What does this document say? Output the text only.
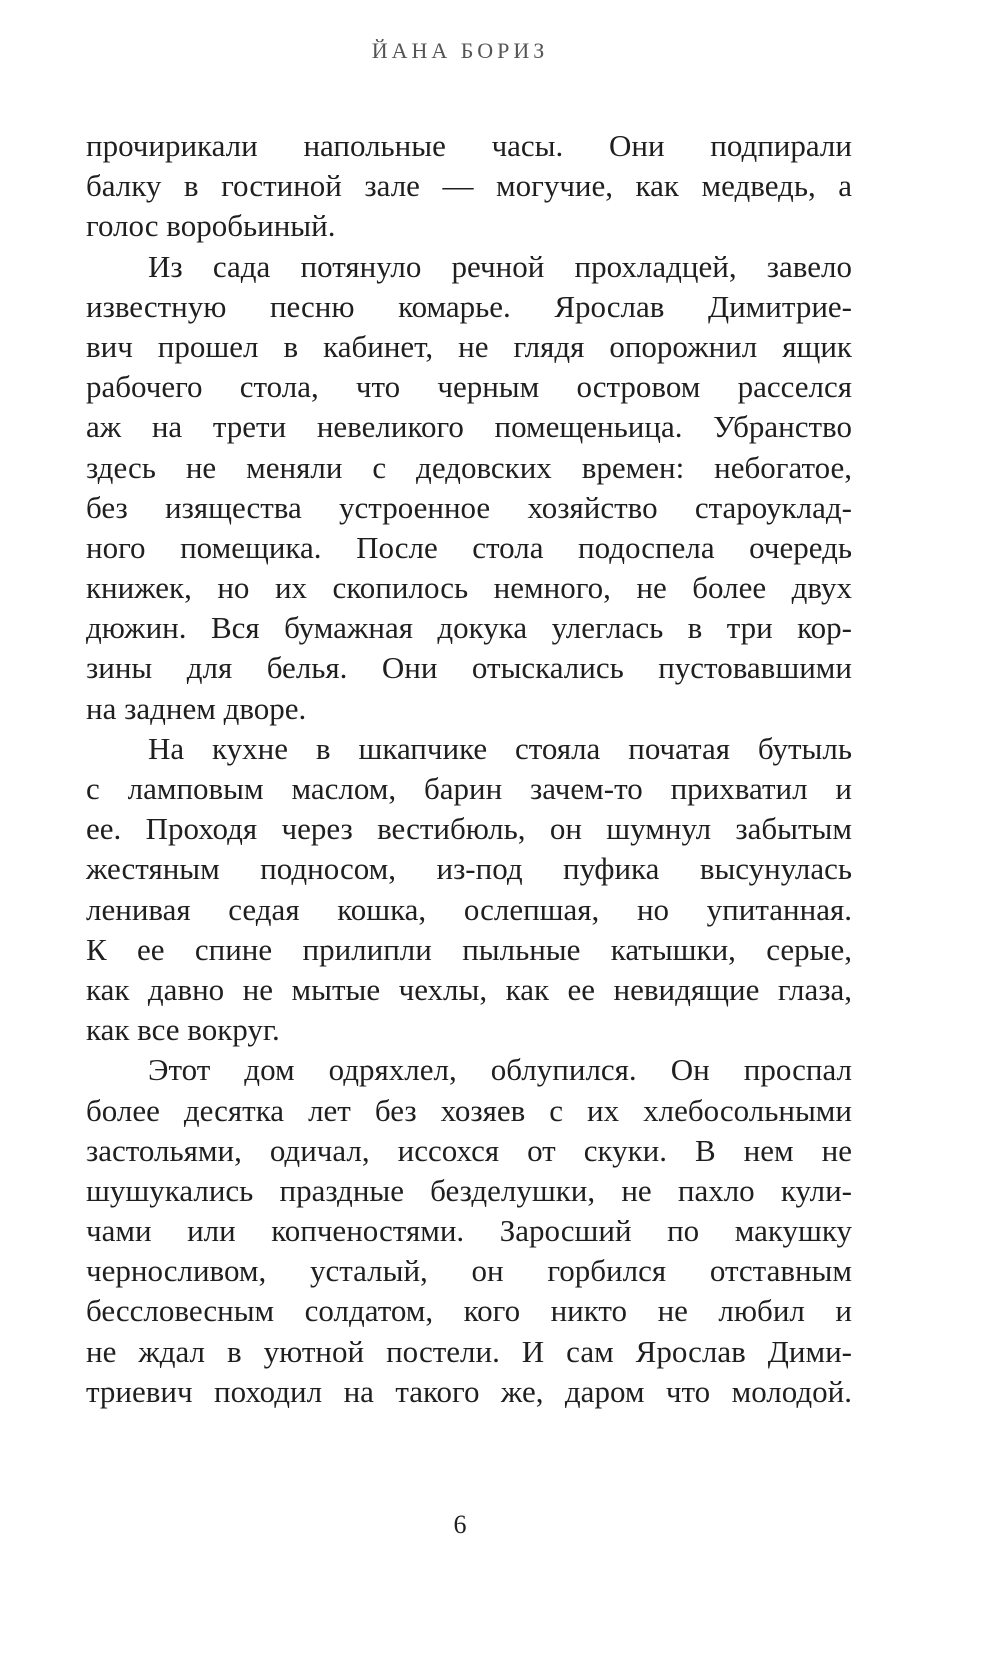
ЙАНА БОРИЗ
прочирикали напольные часы. Они подпирали
балку в гостиной зале — могучие, как медведь, а
голос воробьиный.
Из сада потянуло речной прохладцей, завело
известную песню комарье. Ярослав Димитрие-
вич прошел в кабинет, не глядя опорожнил ящик
рабочего стола, что черным островом расселся
аж на трети невеликого помещеньица. Убранство
здесь не меняли с дедовских времен: небогатое,
без изящества устроенное хозяйство староуклад-
ного помещика. После стола подоспела очередь
книжек, но их скопилось немного, не более двух
дюжин. Вся бумажная докука улеглась в три кор-
зины для белья. Они отыскались пустовавшими
на заднем дворе.
На кухне в шкапчике стояла початая бутыль
с ламповым маслом, барин зачем-то прихватил и
ее. Проходя через вестибюль, он шумнул забытым
жестяным подносом, из-под пуфика высунулась
ленивая седая кошка, ослепшая, но упитанная.
К ее спине прилипли пыльные катышки, серые,
как давно не мытые чехлы, как ее невидящие глаза,
как все вокруг.
Этот дом одряхлел, облупился. Он проспал
более десятка лет без хозяев с их хлебосольными
застольями, одичал, иссохся от скуки. В нем не
шушукались праздные безделушки, не пахло кули-
чами или копченостями. Заросший по макушку
черносливом, усталый, он горбился отставным
бессловесным солдатом, кого никто не любил и
не ждал в уютной постели. И сам Ярослав Дими-
триевич походил на такого же, даром что молодой.
6
